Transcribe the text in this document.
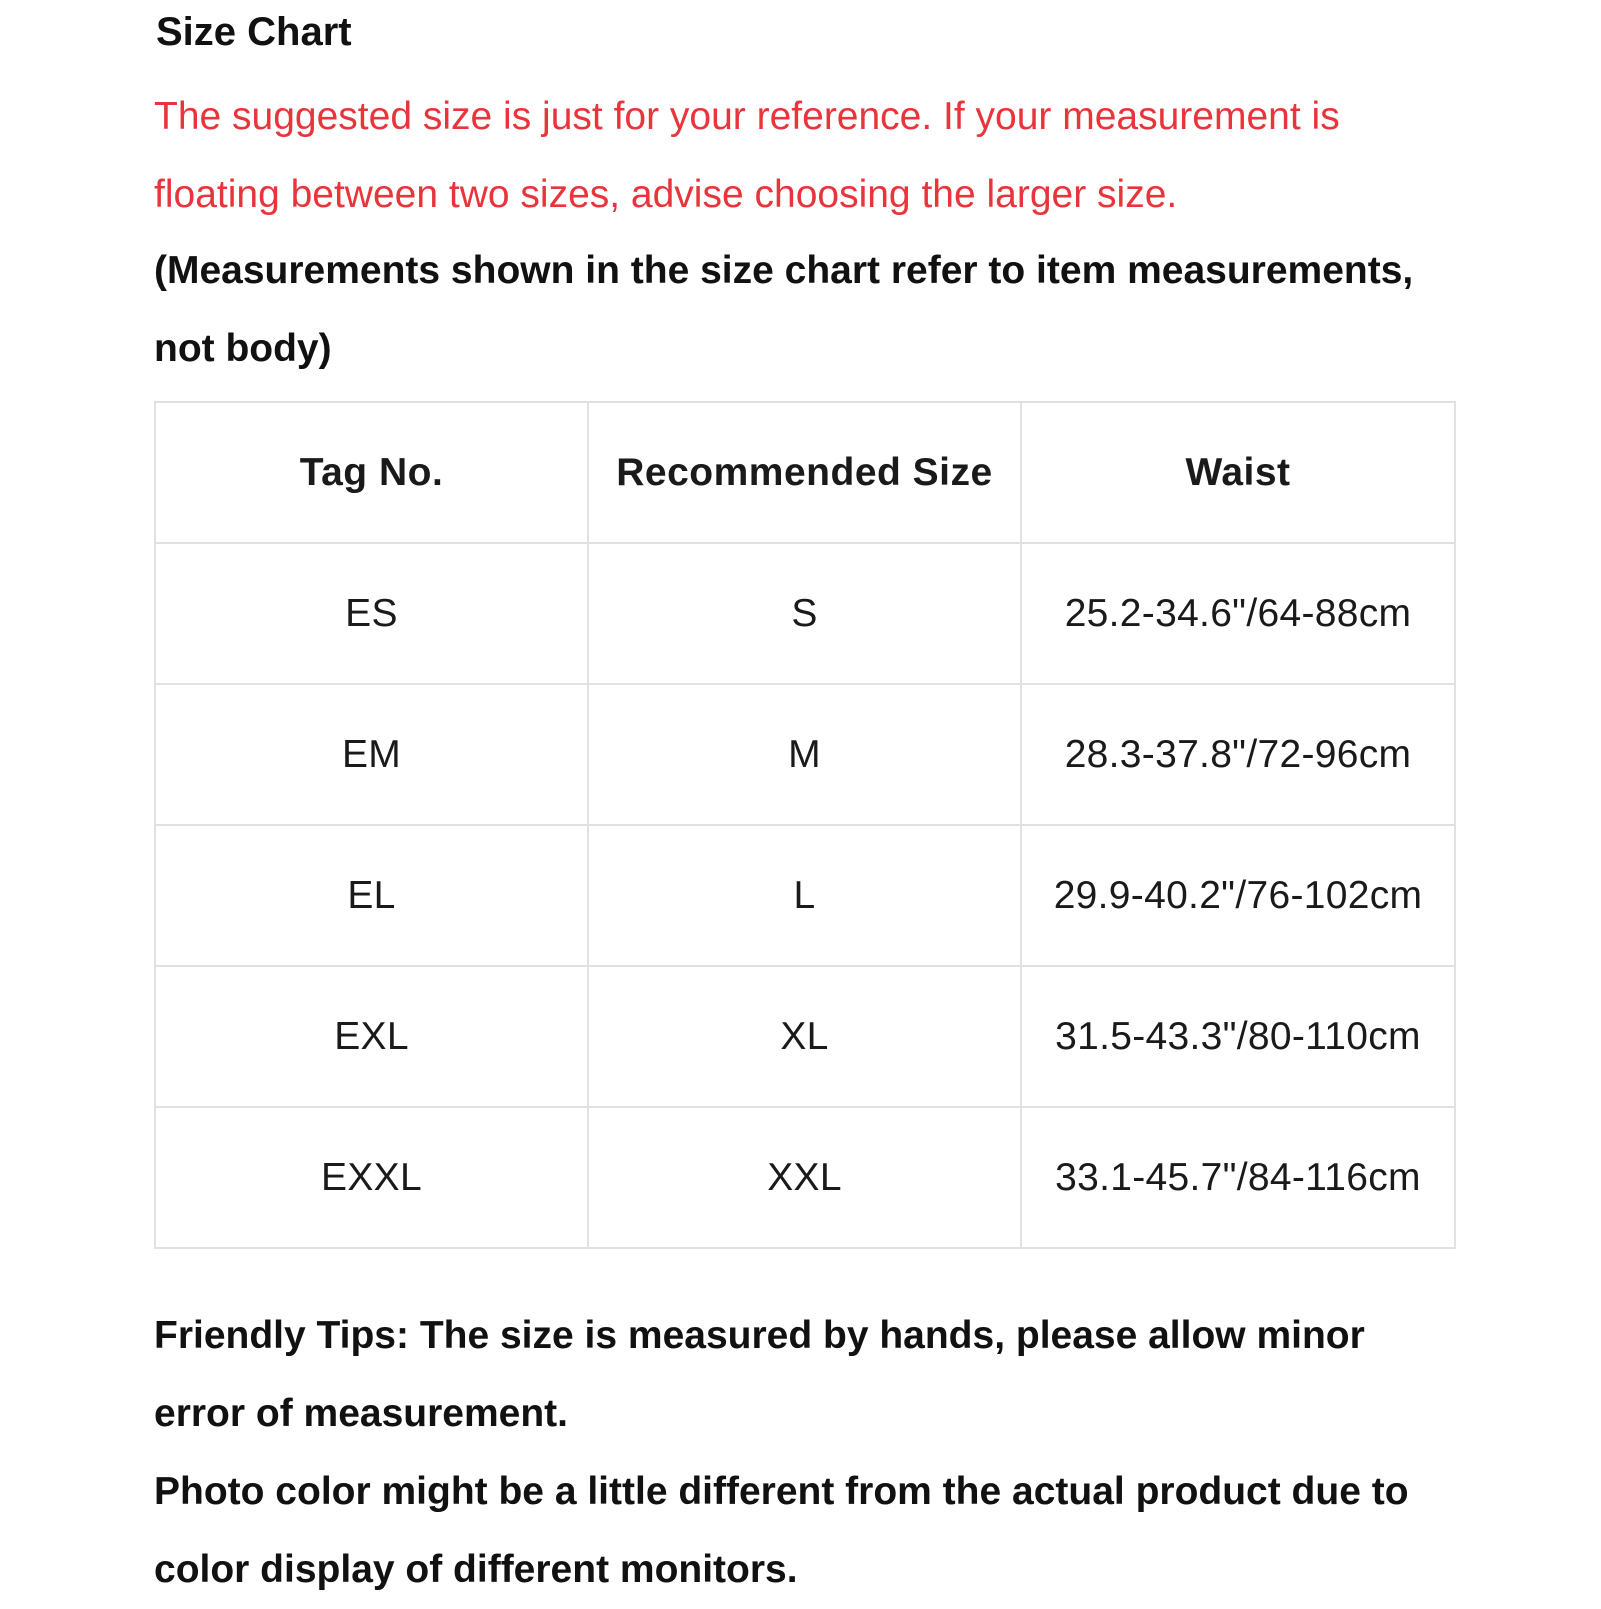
Size Chart
The suggested size is just for your reference. If your measurement is floating between two sizes, advise choosing the larger size.
(Measurements shown in the size chart refer to item measurements, not body)
Tag No.	Recommended Size	Waist
ES	S	25.2-34.6"/64-88cm
EM	M	28.3-37.8"/72-96cm
EL	L	29.9-40.2"/76-102cm
EXL	XL	31.5-43.3"/80-110cm
EXXL	XXL	33.1-45.7"/84-116cm

Friendly Tips: The size is measured by hands, please allow minor error of measurement.

Photo color might be a little different from the actual product due to color display of different monitors.
